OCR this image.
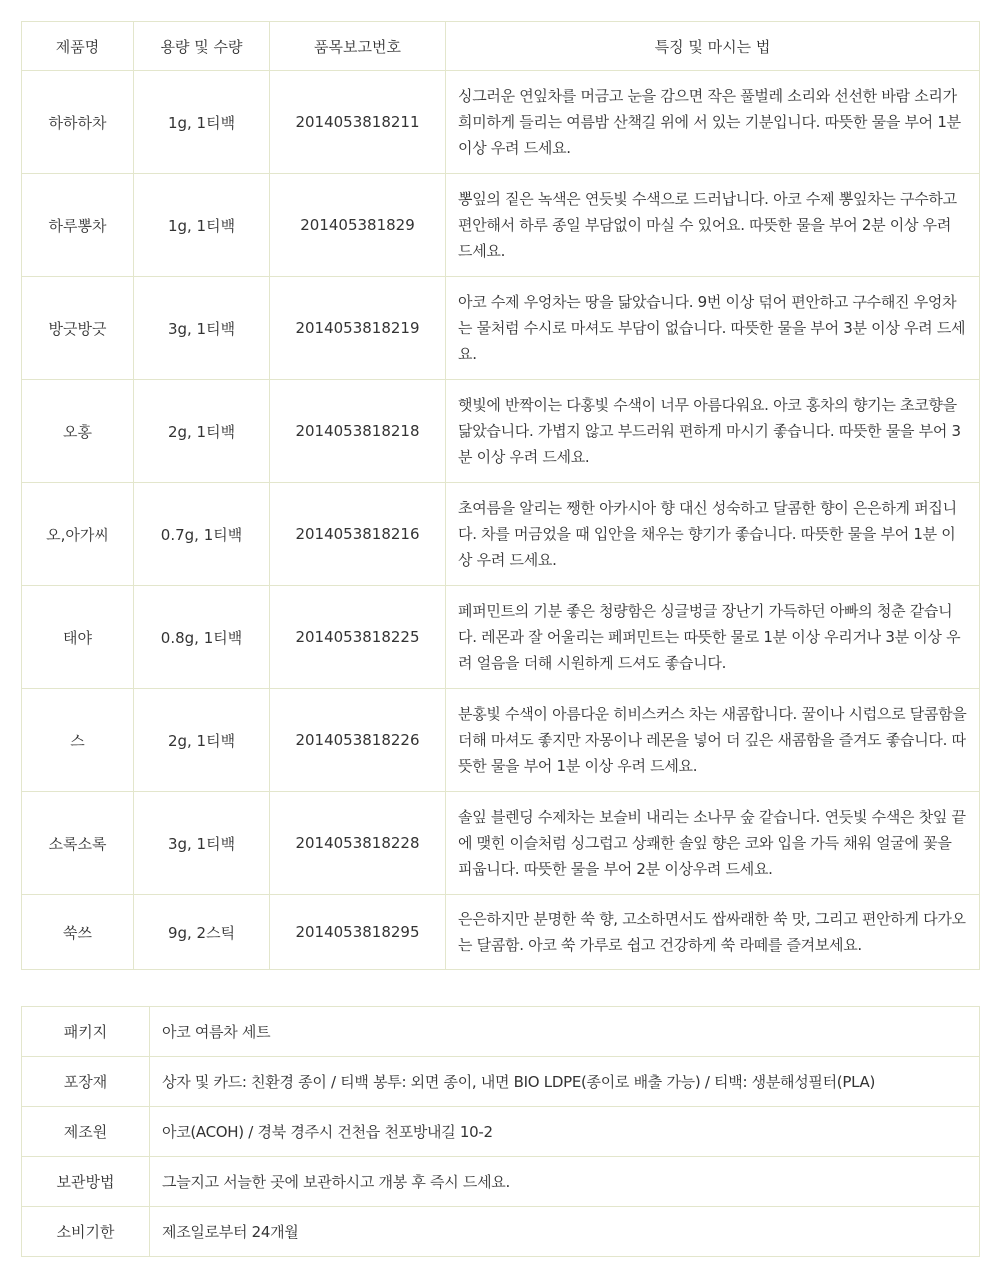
제품명	용량 및 수량	품목보고번호	특징 및 마시는 법
하하하차	1g, 1티백	2014053818211	싱그러운 연잎차를 머금고 눈을 감으면 작은 풀벌레 소리와 선선한 바람 소리가 희미하게 들리는 여름밤 산책길 위에 서 있는 기분입니다. 따뜻한 물을 부어 1분 이상 우려 드세요.
하루뽕차	1g, 1티백	201405381829	뽕잎의 짙은 녹색은 연듯빛 수색으로 드러납니다. 아코 수제 뽕잎차는 구수하고 편안해서 하루 종일 부담없이 마실 수 있어요. 따뜻한 물을 부어 2분 이상 우려 드세요.
방긋방긋	3g, 1티백	2014053818219	아코 수제 우엉차는 땅을 닮았습니다. 9번 이상 덖어 편안하고 구수해진 우엉차는 물처럼 수시로 마셔도 부담이 없습니다. 따뜻한 물을 부어 3분 이상 우려 드세요.
오홍	2g, 1티백	2014053818218	햇빛에 반짝이는 다홍빛 수색이 너무 아름다워요. 아코 홍차의 향기는 초코향을 닮았습니다. 가볍지 않고 부드러워 편하게 마시기 좋습니다. 따뜻한 물을 부어 3분 이상 우려 드세요.
오,아가씨	0.7g, 1티백	2014053818216	초여름을 알리는 쨍한 아카시아 향 대신 성숙하고 달콤한 향이 은은하게 퍼집니다. 차를 머금었을 때 입안을 채우는 향기가 좋습니다. 따뜻한 물을 부어 1분 이상 우려 드세요.
태야	0.8g, 1티백	2014053818225	페퍼민트의 기분 좋은 청량함은 싱글벙글 장난기 가득하던 아빠의 청춘 같습니다. 레몬과 잘 어울리는 페퍼민트는 따뜻한 물로 1분 이상 우리거나 3분 이상 우려 얼음을 더해 시원하게 드셔도 좋습니다.
스	2g, 1티백	2014053818226	분홍빛 수색이 아름다운 히비스커스 차는 새콤합니다. 꿀이나 시럽으로 달콤함을 더해 마셔도 좋지만 자몽이나 레몬을 넣어 더 깊은 새콤함을 즐겨도 좋습니다. 따뜻한 물을 부어 1분 이상 우려 드세요.
소록소록	3g, 1티백	2014053818228	솔잎 블렌딩 수제차는 보슬비 내리는 소나무 숲 같습니다. 연듯빛 수색은 찻잎 끝에 맺힌 이슬처럼 싱그럽고 상쾌한 솔잎 향은 코와 입을 가득 채워 얼굴에 꽃을 피웁니다. 따뜻한 물을 부어 2분 이상우려 드세요.
쑥쓰	9g, 2스틱	2014053818295	은은하지만 분명한 쑥 향, 고소하면서도 쌉싸래한 쑥 맛, 그리고 편안하게 다가오는 달콤함. 아코 쑥 가루로 쉽고 건강하게 쑥 라떼를 즐겨보세요.
패키지	아코 여름차 세트
포장재	상자 및 카드: 친환경 종이 / 티백 봉투: 외면 종이, 내면 BIO LDPE(종이로 배출 가능) / 티백: 생분해성필터(PLA)
제조원	아코(ACOH) / 경북 경주시 건천읍 천포방내길 10-2
보관방법	그늘지고 서늘한 곳에 보관하시고 개봉 후 즉시 드세요.
소비기한	제조일로부터 24개월
